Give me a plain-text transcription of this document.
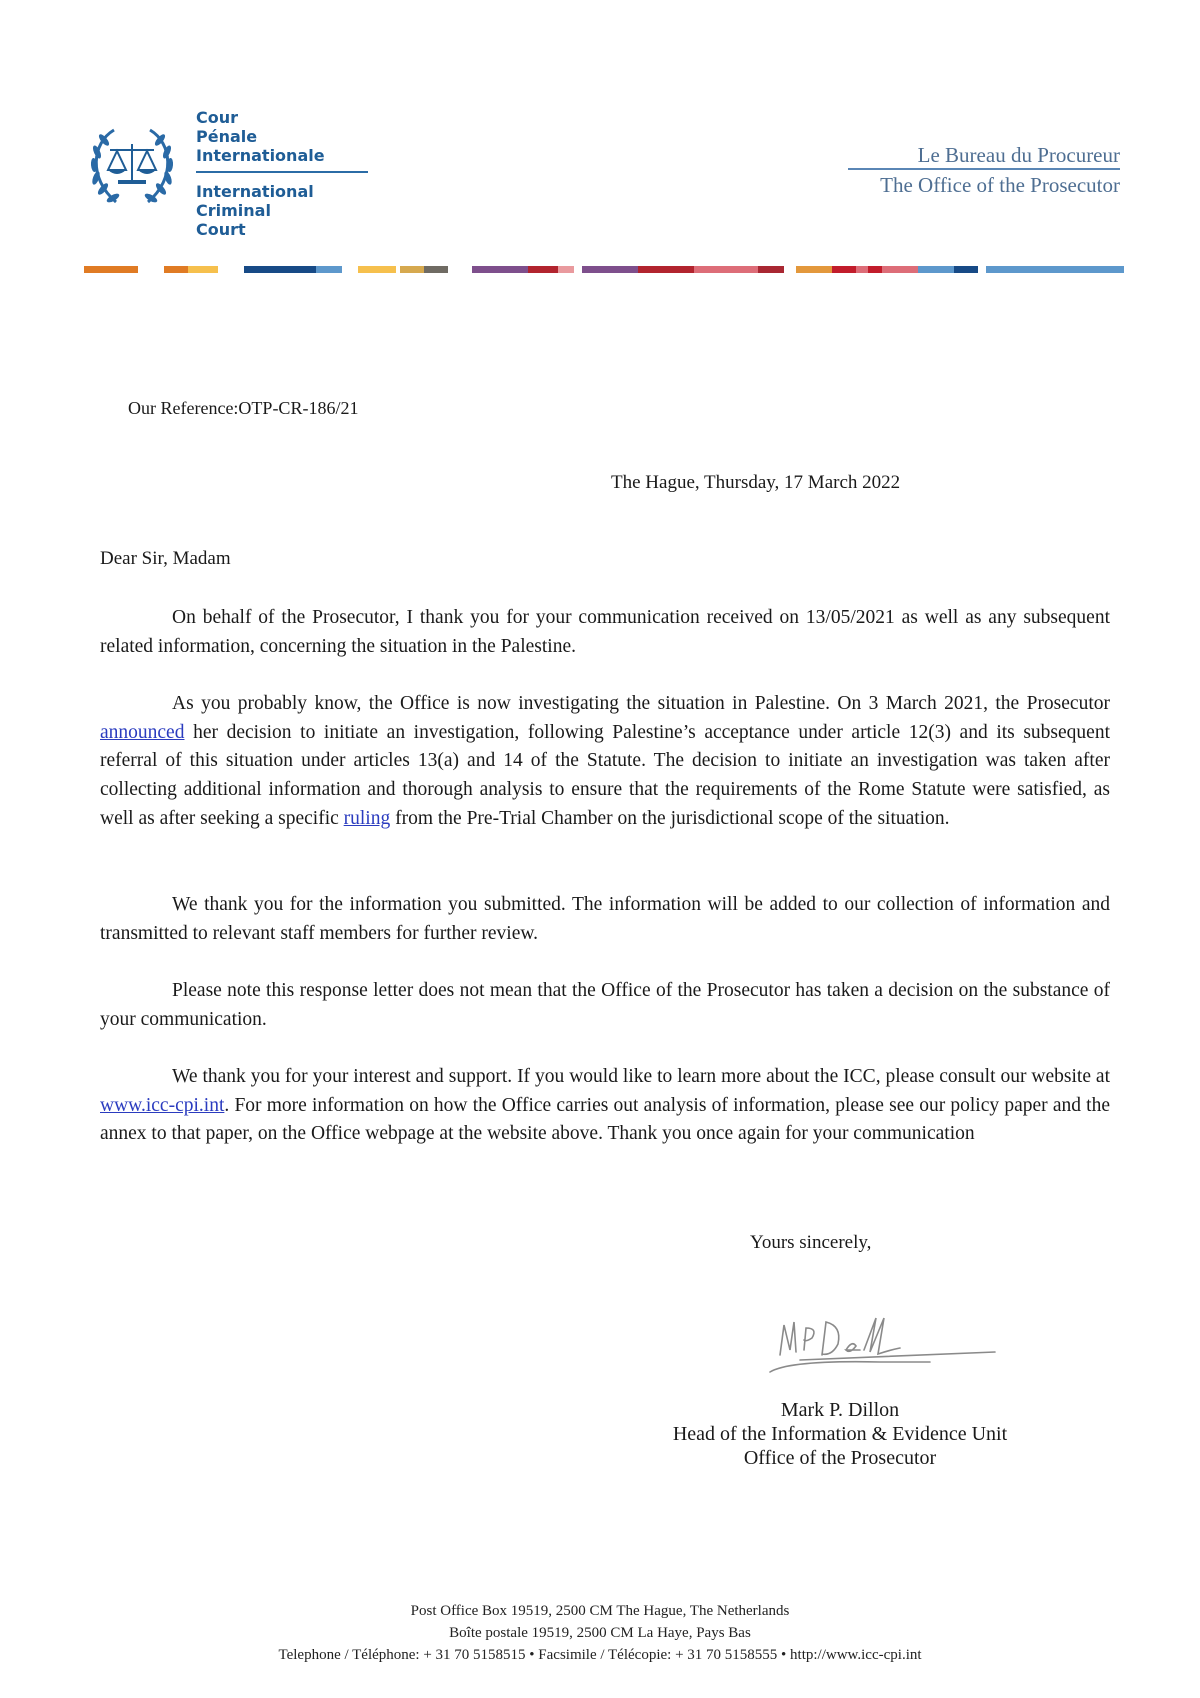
Cour
Pénale
Internationale
International
Criminal
Court
Le Bureau du Procureur
The Office of the Prosecutor
Our Reference:OTP-CR-186/21
The Hague, Thursday, 17 March 2022
Dear Sir, Madam
On behalf of the Prosecutor, I thank you for your communication received on 13/05/2021 as well as any subsequent related information, concerning the situation in the Palestine.
As you probably know, the Office is now investigating the situation in Palestine. On 3 March 2021, the Prosecutor announced her decision to initiate an investigation, following Palestine’s acceptance under article 12(3) and its subsequent referral of this situation under articles 13(a) and 14 of the Statute. The decision to initiate an investigation was taken after collecting additional information and thorough analysis to ensure that the requirements of the Rome Statute were satisfied, as well as after seeking a specific ruling from the Pre-Trial Chamber on the jurisdictional scope of the situation.
We thank you for the information you submitted. The information will be added to our collection of information and transmitted to relevant staff members for further review.
Please note this response letter does not mean that the Office of the Prosecutor has taken a decision on the substance of your communication.
We thank you for your interest and support. If you would like to learn more about the ICC, please consult our website at www.icc-cpi.int. For more information on how the Office carries out analysis of information, please see our policy paper and the annex to that paper, on the Office webpage at the website above. Thank you once again for your communication
Yours sincerely,
Mark P. Dillon
Head of the Information & Evidence Unit
Office of the Prosecutor
Post Office Box 19519, 2500 CM The Hague, The Netherlands
Boîte postale 19519, 2500 CM La Haye, Pays Bas
Telephone / Téléphone: + 31 70 5158515 • Facsimile / Télécopie: + 31 70 5158555 • http://www.icc-cpi.int
